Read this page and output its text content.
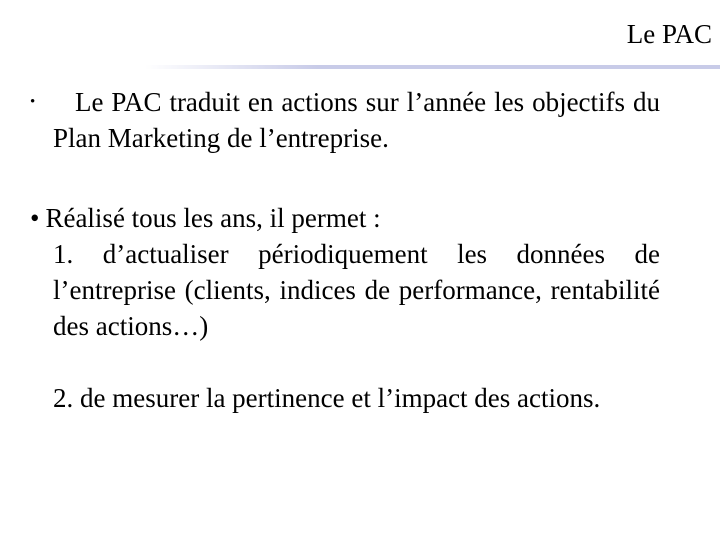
Le PAC
•	Le PAC traduit en actions sur l’année les objectifs du Plan Marketing de l’entreprise.
• Réalisé tous les ans, il permet :
1. d’actualiser périodiquement les données de l’entreprise (clients, indices de performance, rentabilité des actions…)
2. de mesurer la pertinence et l’impact des actions.
